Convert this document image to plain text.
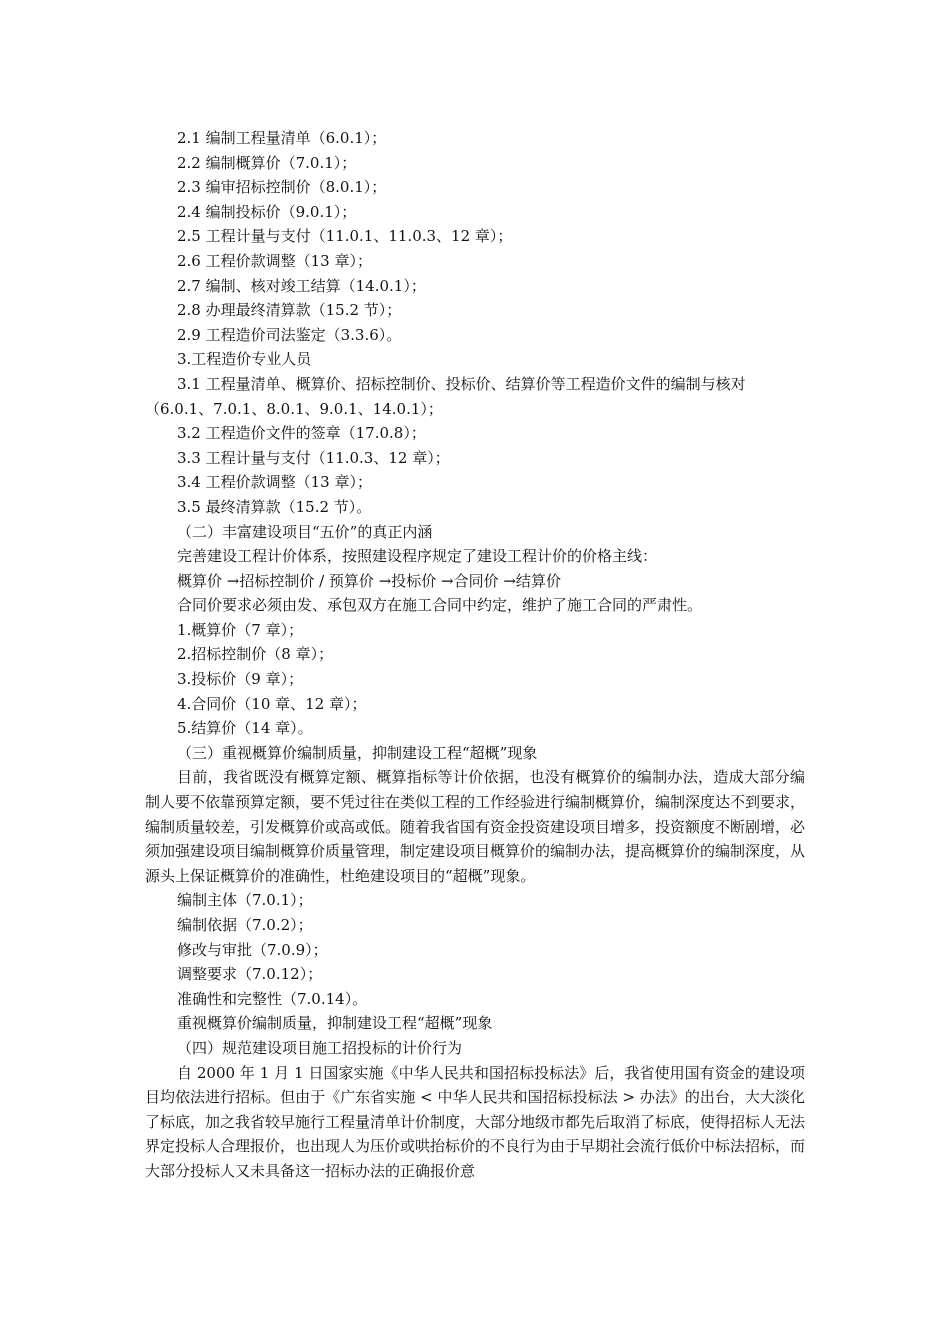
2.1 编制工程量清单（6.0.1）；
2.2 编制概算价（7.0.1）；
2.3 编审招标控制价（8.0.1）；
2.4 编制投标价（9.0.1）；
2.5 工程计量与支付（11.0.1、11.0.3、12 章）；
2.6 工程价款调整（13 章）；
2.7 编制、核对竣工结算（14.0.1）；
2.8 办理最终清算款（15.2 节）；
2.9 工程造价司法鉴定（3.3.6）。
3.工程造价专业人员
3.1 工程量清单、概算价、招标控制价、投标价、结算价等工程造价文件的编制与核对
（6.0.1、7.0.1、8.0.1、9.0.1、14.0.1）；
3.2 工程造价文件的签章（17.0.8）；
3.3 工程计量与支付（11.0.3、12 章）；
3.4 工程价款调整（13 章）；
3.5 最终清算款（15.2 节）。
（二）丰富建设项目“五价”的真正内涵
完善建设工程计价体系，按照建设程序规定了建设工程计价的价格主线：
概算价 →招标控制价 / 预算价 →投标价 →合同价 →结算价
合同价要求必须由发、承包双方在施工合同中约定，维护了施工合同的严肃性。
1.概算价（7 章）；
2.招标控制价（8 章）；
3.投标价（9 章）；
4.合同价（10 章、12 章）；
5.结算价（14 章）。
（三）重视概算价编制质量，抑制建设工程“超概”现象
目前，我省既没有概算定额、概算指标等计价依据，也没有概算价的编制办法，造成大部分编制人要不依靠预算定额，要不凭过往在类似工程的工作经验进行编制概算价，编制深度达不到要求，编制质量较差，引发概算价或高或低。随着我省国有资金投资建设项目增多，投资额度不断剧增，必须加强建设项目编制概算价质量管理，制定建设项目概算价的编制办法，提高概算价的编制深度，从源头上保证概算价的准确性，杜绝建设项目的“超概”现象。
编制主体（7.0.1）；
编制依据（7.0.2）；
修改与审批（7.0.9）；
调整要求（7.0.12）；
准确性和完整性（7.0.14）。
重视概算价编制质量，抑制建设工程“超概”现象
（四）规范建设项目施工招投标的计价行为
自 2000 年 1 月 1 日国家实施《中华人民共和国招标投标法》后，我省使用国有资金的建设项目均依法进行招标。但由于《广东省实施 < 中华人民共和国招标投标法 > 办法》的出台，大大淡化了标底，加之我省较早施行工程量清单计价制度，大部分地级市都先后取消了标底，使得招标人无法界定投标人合理报价，也出现人为压价或哄抬标价的不良行为由于早期社会流行低价中标法招标，而大部分投标人又未具备这一招标办法的正确报价意
